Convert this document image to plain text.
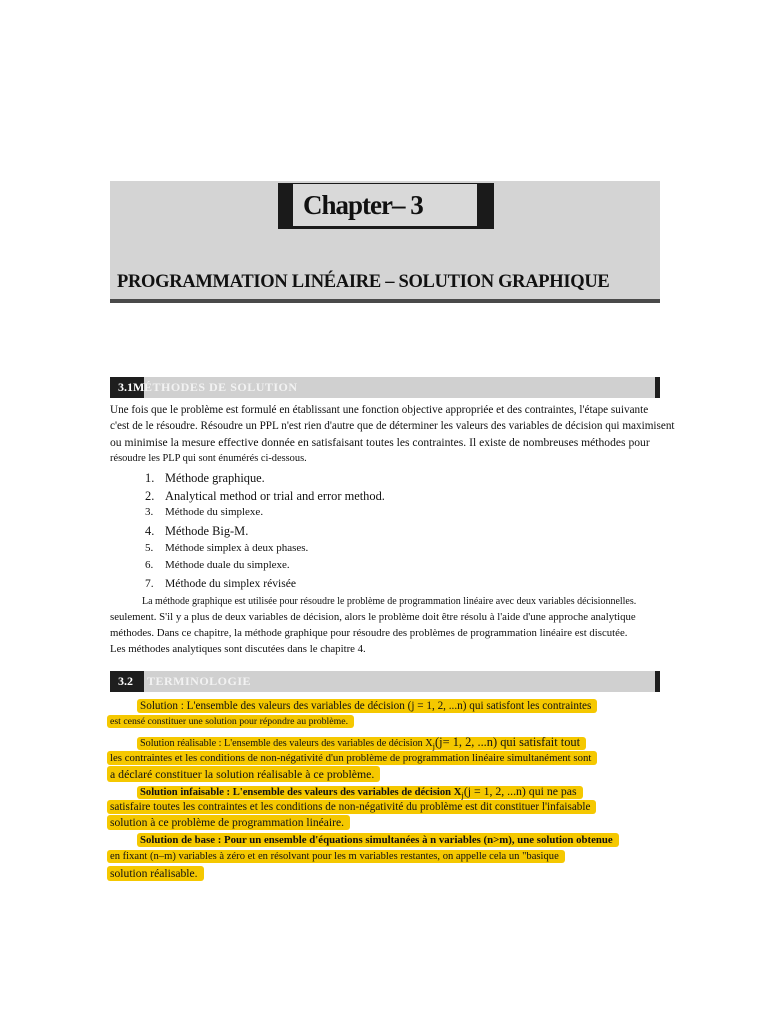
Chapter– 3
PROGRAMMATION LINÉAIRE – SOLUTION GRAPHIQUE
3.1M ÉTHODES DE SOLUTION
Une fois que le problème est formulé en établissant une fonction objective appropriée et des contraintes, l'étape suivante
c'est de le résoudre. Résoudre un PPL n'est rien d'autre que de déterminer les valeurs des variables de décision qui maximisent
ou minimise la mesure effective donnée en satisfaisant toutes les contraintes. Il existe de nombreuses méthodes pour
résoudre les PLP qui sont énumérés ci-dessous.
1. Méthode graphique.
2. Analytical method or trial and error method.
3. Méthode du simplexe.
4. Méthode Big-M.
5. Méthode simplex à deux phases.
6. Méthode duale du simplexe.
7. Méthode du simplex révisée
La méthode graphique est utilisée pour résoudre le problème de programmation linéaire avec deux variables décisionnelles.
seulement. S'il y a plus de deux variables de décision, alors le problème doit être résolu à l'aide d'une approche analytique
méthodes. Dans ce chapitre, la méthode graphique pour résoudre des problèmes de programmation linéaire est discutée.
Les méthodes analytiques sont discutées dans le chapitre 4.
3.2	TERMINOLOGIE
Solution : L'ensemble des valeurs des variables de décision (j = 1, 2, ...n) qui satisfont les contraintes
est censé constituer une solution pour répondre au problème.
Solution réalisable : L'ensemble des valeurs des variables de décision $X_j(j= 1$, 2, ...n) qui satisfait tout
les contraintes et les conditions de non-négativité d'un problème de programmation linéaire simultanément sont
a déclaré constituer la solution réalisable à ce problème.
Solution infaisable : L'ensemble des valeurs des variables de décision $X_j(j = 1$, 2, ...n) qui ne pas
satisfaire toutes les contraintes et les conditions de non-négativité du problème est dit constituer l'infaisable
solution à ce problème de programmation linéaire.
Solution de base : Pour un ensemble d'équations simultanées à n variables (n>m), une solution obtenue
en fixant (n–m) variables à zéro et en résolvant pour les m variables restantes, on appelle cela un "basique
solution réalisable.
